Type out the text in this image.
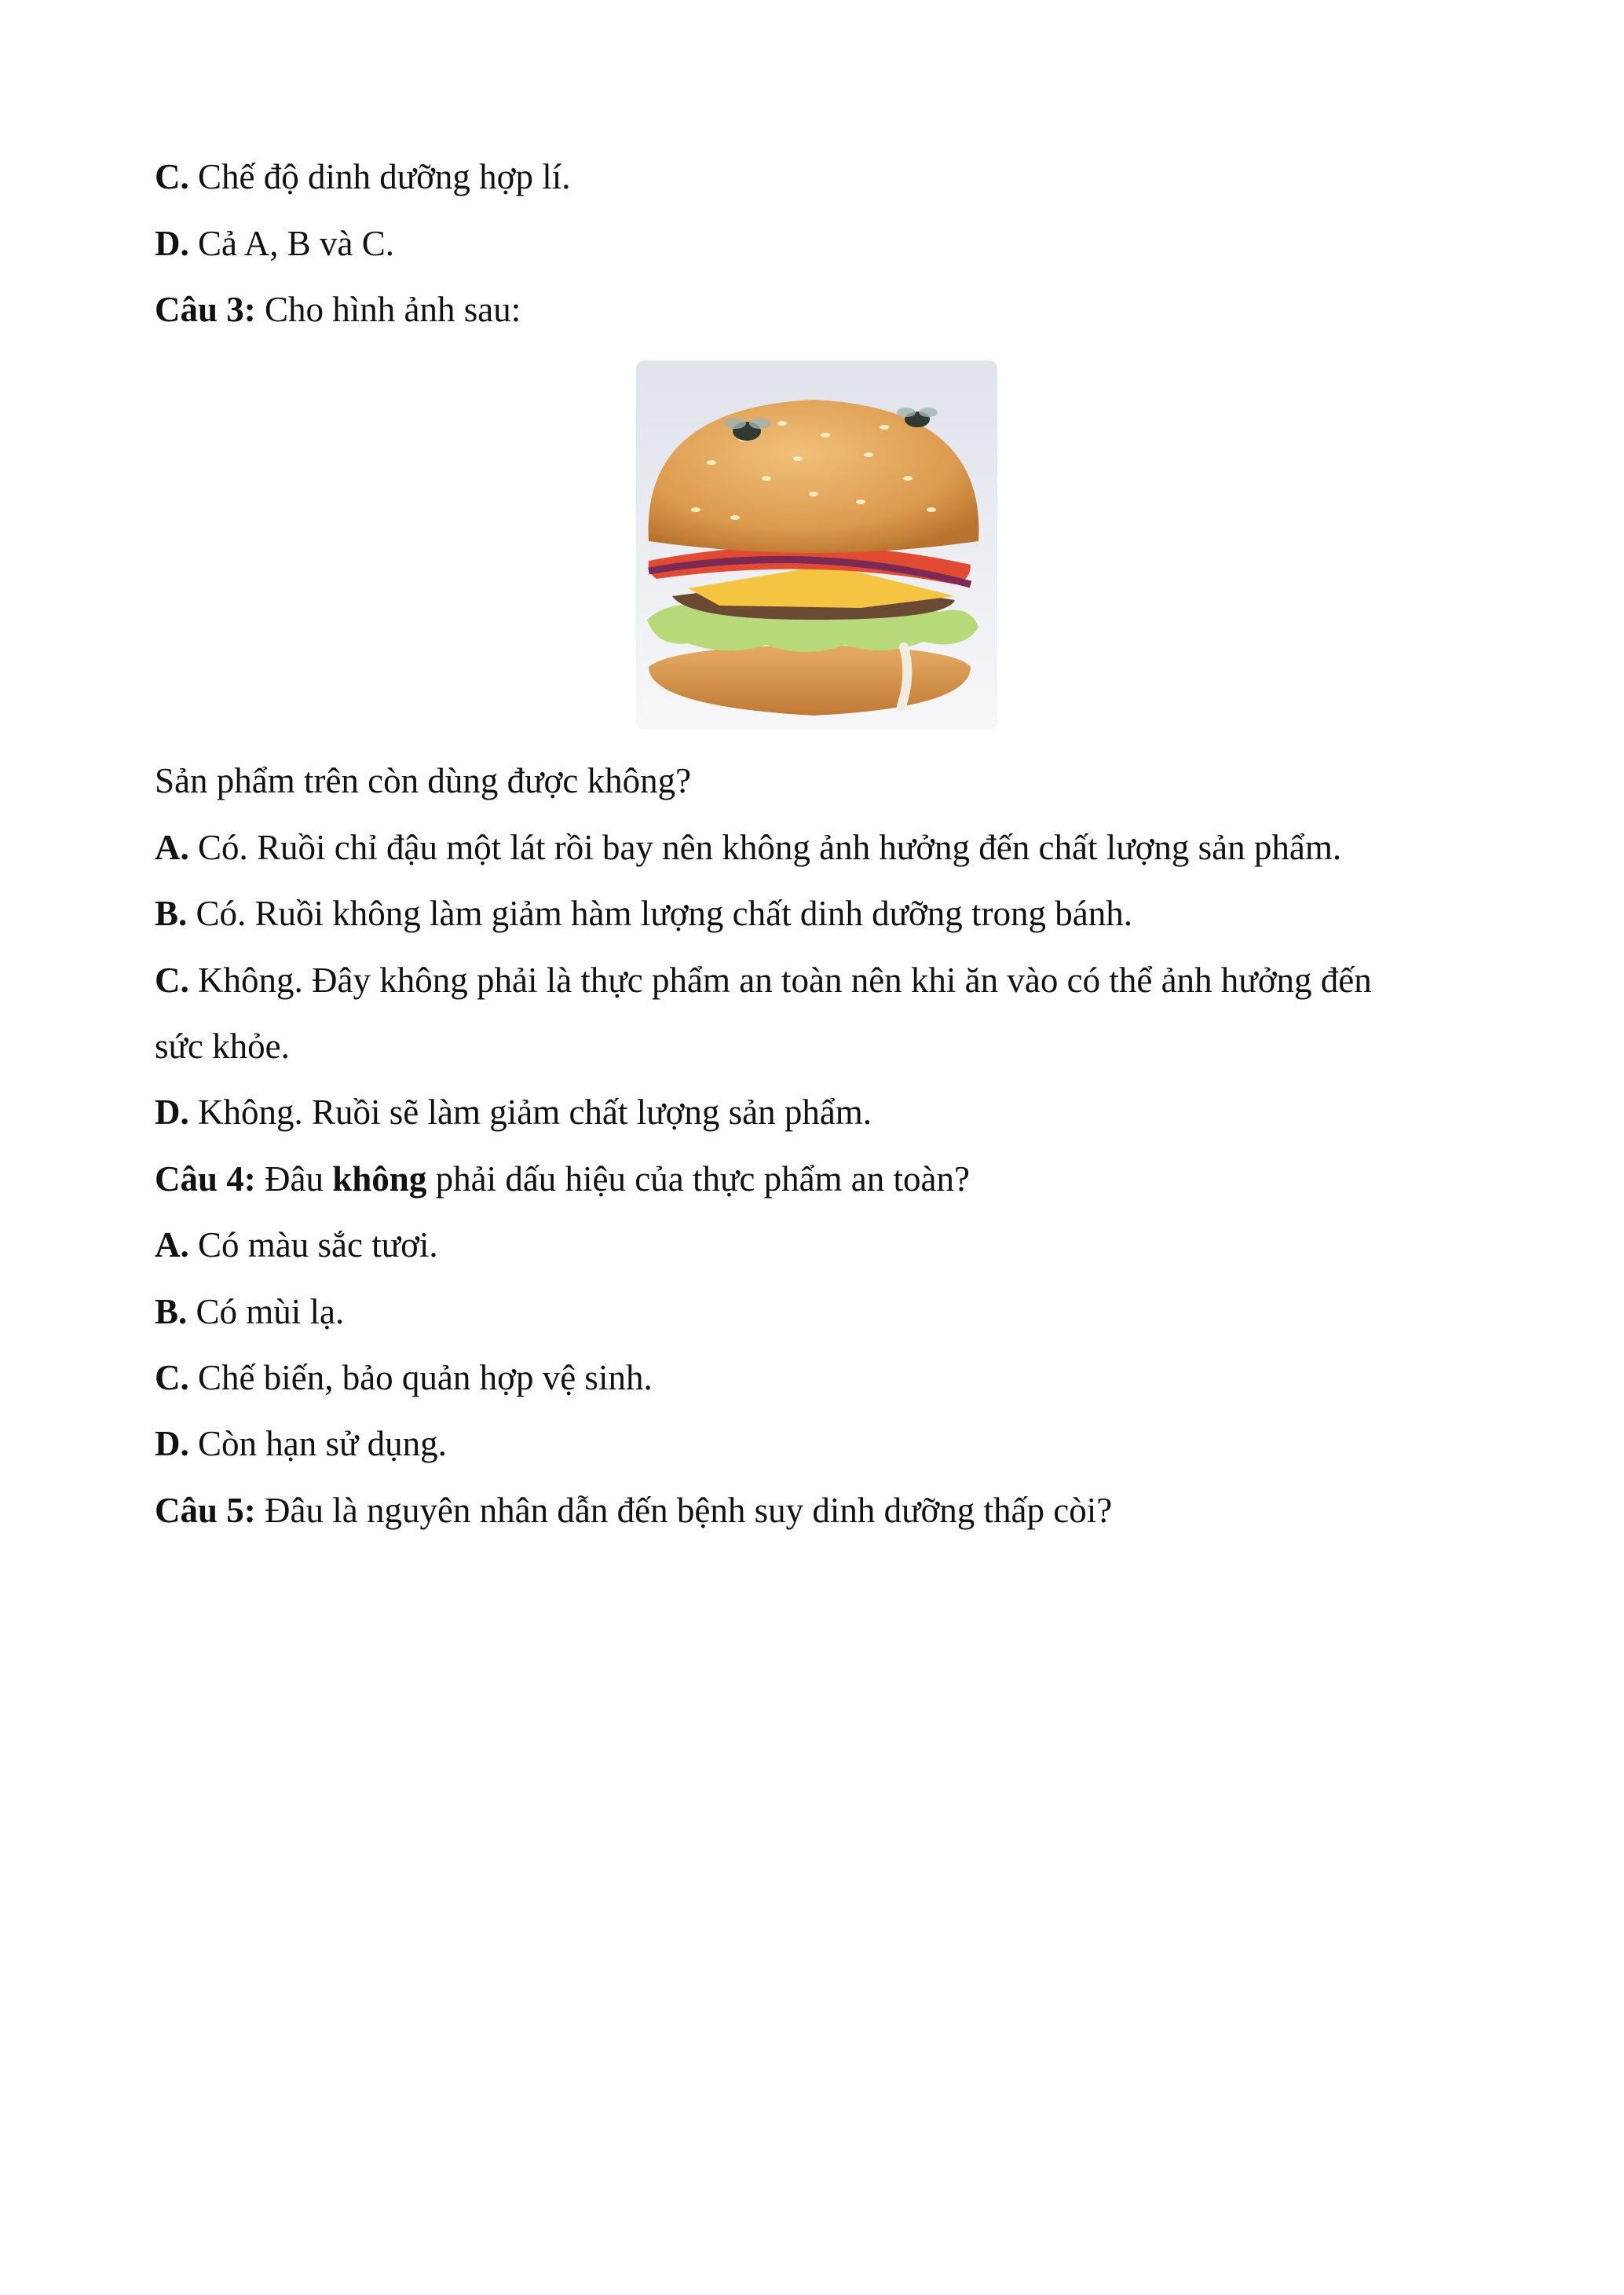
C. Chế độ dinh dưỡng hợp lí.
D. Cả A, B và C.
Câu 3: Cho hình ảnh sau:
Sản phẩm trên còn dùng được không?
A. Có. Ruồi chỉ đậu một lát rồi bay nên không ảnh hưởng đến chất lượng sản phẩm.
B. Có. Ruồi không làm giảm hàm lượng chất dinh dưỡng trong bánh.
C. Không. Đây không phải là thực phẩm an toàn nên khi ăn vào có thể ảnh hưởng đến
sức khỏe.
D. Không. Ruồi sẽ làm giảm chất lượng sản phẩm.
Câu 4: Đâu không phải dấu hiệu của thực phẩm an toàn?
A. Có màu sắc tươi.
B. Có mùi lạ.
C. Chế biến, bảo quản hợp vệ sinh.
D. Còn hạn sử dụng.
Câu 5: Đâu là nguyên nhân dẫn đến bệnh suy dinh dưỡng thấp còi?
